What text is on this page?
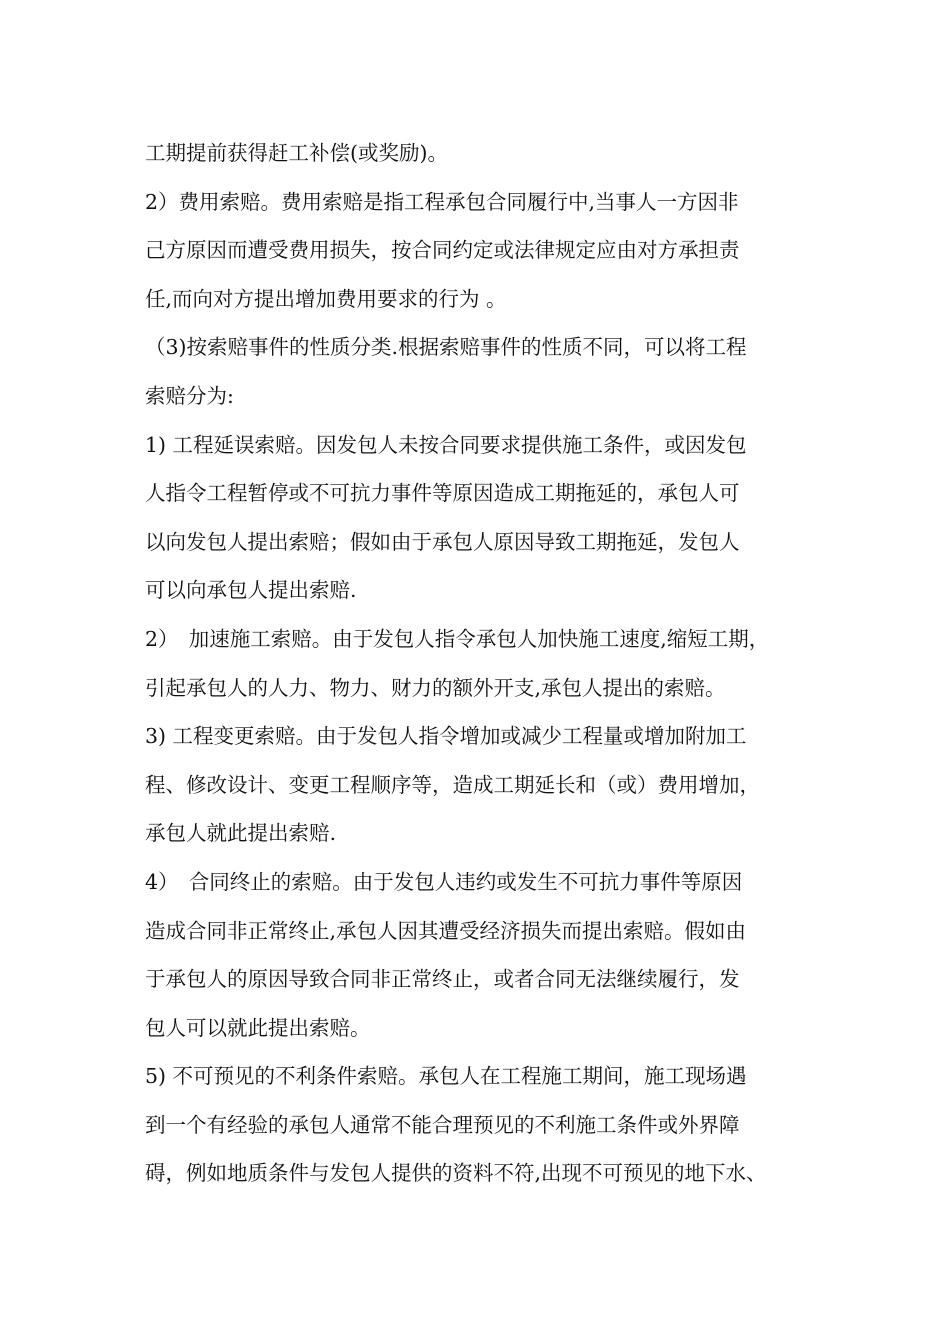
工期提前获得赶工补偿(或奖励)。
2）费用索赔。费用索赔是指工程承包合同履行中,当事人一方因非
己方原因而遭受费用损失，按合同约定或法律规定应由对方承担责
任,而向对方提出增加费用要求的行为 。
（3)按索赔事件的性质分类.根据索赔事件的性质不同，可以将工程
索赔分为:
1) 工程延误索赔。因发包人未按合同要求提供施工条件，或因发包
人指令工程暂停或不可抗力事件等原因造成工期拖延的，承包人可
以向发包人提出索赔；假如由于承包人原因导致工期拖延，发包人
可以向承包人提出索赔.
2）　加速施工索赔。由于发包人指令承包人加快施工速度,缩短工期，
引起承包人的人力、物力、财力的额外开支,承包人提出的索赔。
3) 工程变更索赔。由于发包人指令增加或减少工程量或增加附加工
程、修改设计、变更工程顺序等，造成工期延长和（或）费用增加，
承包人就此提出索赔.
4）　合同终止的索赔。由于发包人违约或发生不可抗力事件等原因
造成合同非正常终止,承包人因其遭受经济损失而提出索赔。假如由
于承包人的原因导致合同非正常终止，或者合同无法继续履行，发
包人可以就此提出索赔。
5) 不可预见的不利条件索赔。承包人在工程施工期间，施工现场遇
到一个有经验的承包人通常不能合理预见的不利施工条件或外界障
碍，例如地质条件与发包人提供的资料不符,出现不可预见的地下水、
